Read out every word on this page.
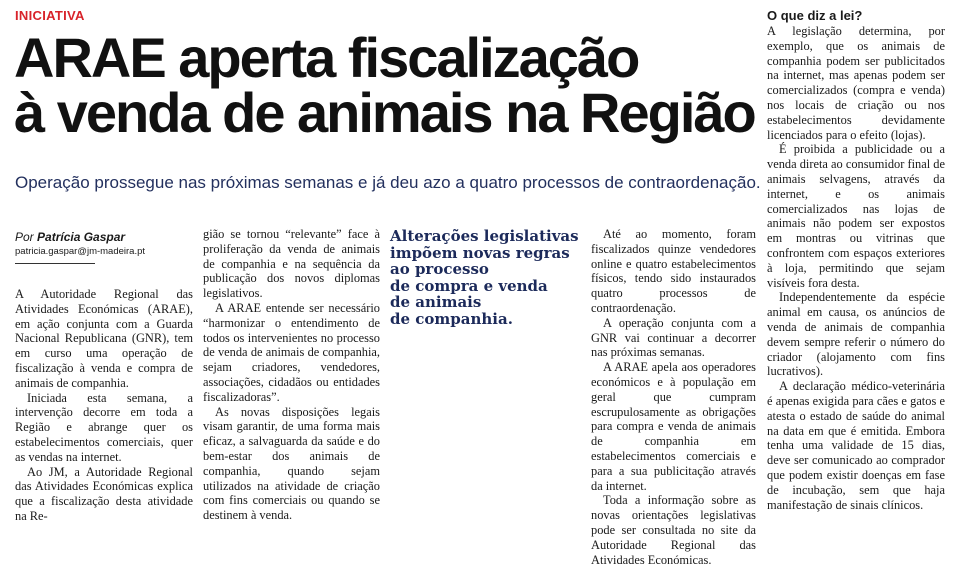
INICIATIVA
ARAE aperta fiscalização
à venda de animais na Região

Operação prossegue nas próximas semanas e já deu azo a quatro processos de contraordenação.

Por Patrícia Gaspar
patricia.gaspar@jm-madeira.pt

A Autoridade Regional das Atividades Económicas (ARAE), em ação conjunta com a Guarda Nacional Republicana (GNR), tem em curso uma operação de fiscalização à venda e compra de animais de companhia.

Iniciada esta semana, a intervenção decorre em toda a Região e abrange quer os estabelecimentos comerciais, quer as vendas na internet.

Ao JM, a Autoridade Regional das Atividades Económicas explica que a fiscalização desta atividade na Re-

gião se tornou “relevante” face à proliferação da venda de animais de companhia e na sequência da publicação dos novos diplomas legislativos.

A ARAE entende ser necessário “harmonizar o entendimento de todos os intervenientes no processo de venda de animais de companhia, sejam criadores, vendedores, associações, cidadãos ou entidades fiscalizadoras”.

As novas disposições legais visam garantir, de uma forma mais eficaz, a salvaguarda da saúde e do bem-estar dos animais de companhia, quando sejam utilizados na atividade de criação com fins comerciais ou quando se destinem à venda.

Alterações legislativas
impõem novas regras
ao processo
de compra e venda
de animais
de companhia.

Até ao momento, foram fiscalizados quinze vendedores online e quatro estabelecimentos físicos, tendo sido instaurados quatro processos de contraordenação.

A operação conjunta com a GNR vai continuar a decorrer nas próximas semanas.

A ARAE apela aos operadores económicos e à população em geral que cumpram escrupulosamente as obrigações para compra e venda de animais de companhia em estabelecimentos comerciais e para a sua publicitação através da internet.

Toda a informação sobre as novas orientações legislativas pode ser consultada no site da Autoridade Regional das Atividades Económicas.

O que diz a lei?

A legislação determina, por exemplo, que os animais de companhia podem ser publicitados na internet, mas apenas podem ser comercializados (compra e venda) nos locais de criação ou nos estabelecimentos devidamente licenciados para o efeito (lojas).

É proibida a publicidade ou a venda direta ao consumidor final de animais selvagens, através da internet, e os animais comercializados nas lojas de animais não podem ser expostos em montras ou vitrinas que confrontem com espaços exteriores à loja, permitindo que sejam visíveis fora desta.

Independentemente da espécie animal em causa, os anúncios de venda de animais de companhia devem sempre referir o número do criador (alojamento com fins lucrativos).

A declaração médico-veterinária é apenas exigida para cães e gatos e atesta o estado de saúde do animal na data em que é emitida. Embora tenha uma validade de 15 dias, deve ser comunicado ao comprador que podem existir doenças em fase de incubação, sem que haja manifestação de sinais clínicos.
